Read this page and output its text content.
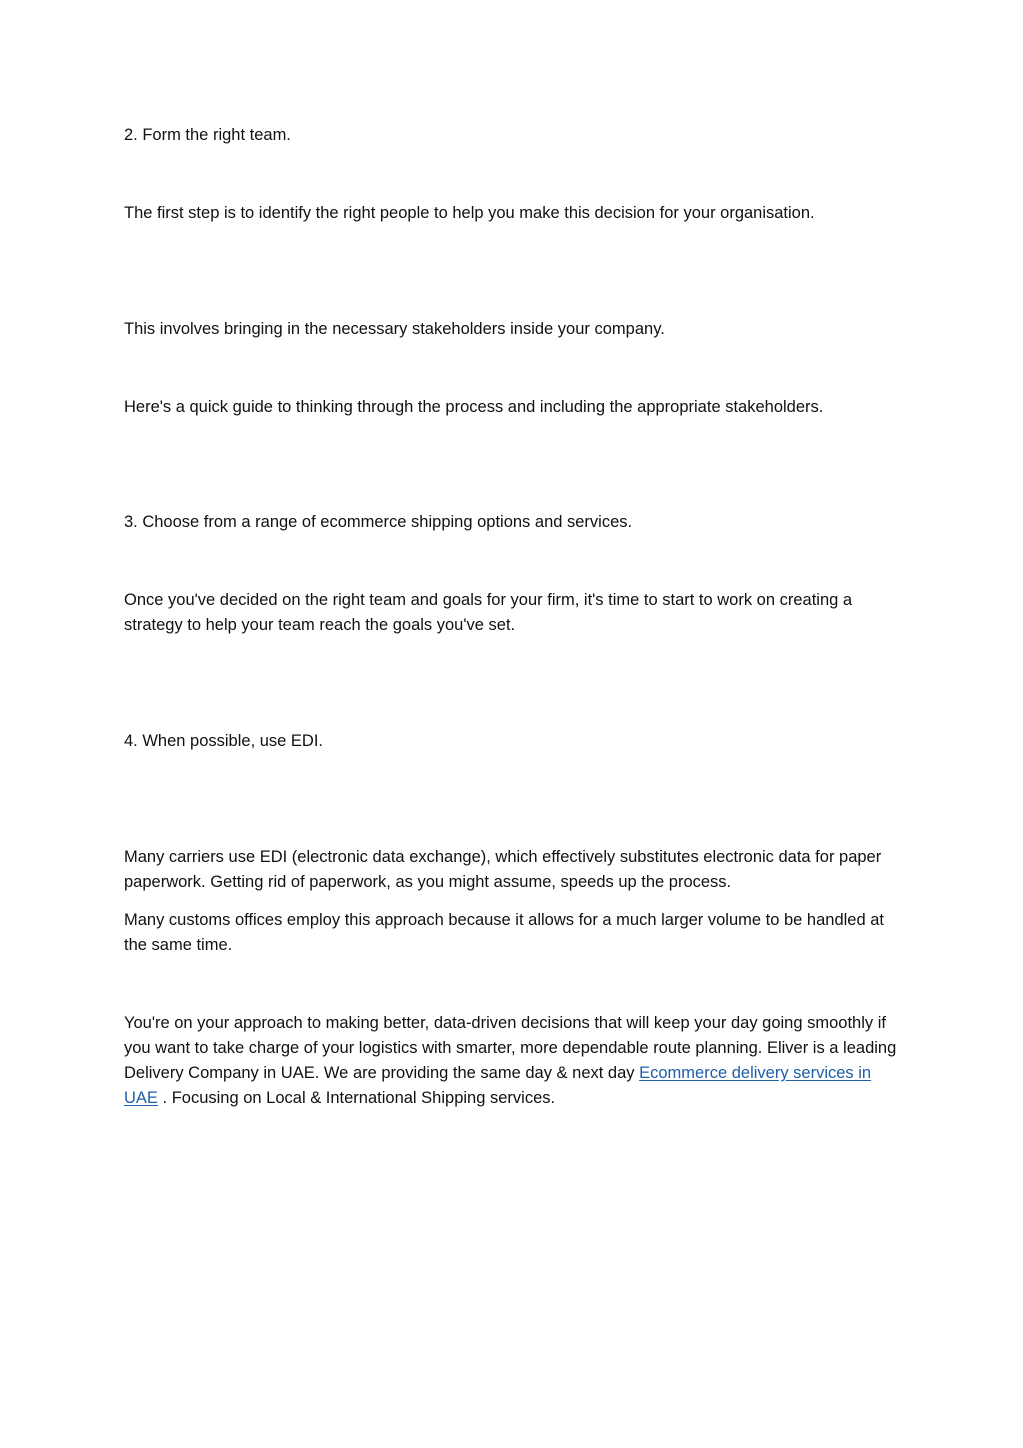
2. Form the right team.

The first step is to identify the right people to help you make this decision for your organisation.

This involves bringing in the necessary stakeholders inside your company.

Here's a quick guide to thinking through the process and including the appropriate stakeholders.

3. Choose from a range of ecommerce shipping options and services.

Once you've decided on the right team and goals for your firm, it's time to start to work on creating a strategy to help your team reach the goals you've set.

4. When possible, use EDI.

Many carriers use EDI (electronic data exchange), which effectively substitutes electronic data for paper paperwork. Getting rid of paperwork, as you might assume, speeds up the process.

Many customs offices employ this approach because it allows for a much larger volume to be handled at the same time.

You're on your approach to making better, data-driven decisions that will keep your day going smoothly if you want to take charge of your logistics with smarter, more dependable route planning. Eliver is a leading Delivery Company in UAE. We are providing the same day & next day Ecommerce delivery services in UAE . Focusing on Local & International Shipping services.
